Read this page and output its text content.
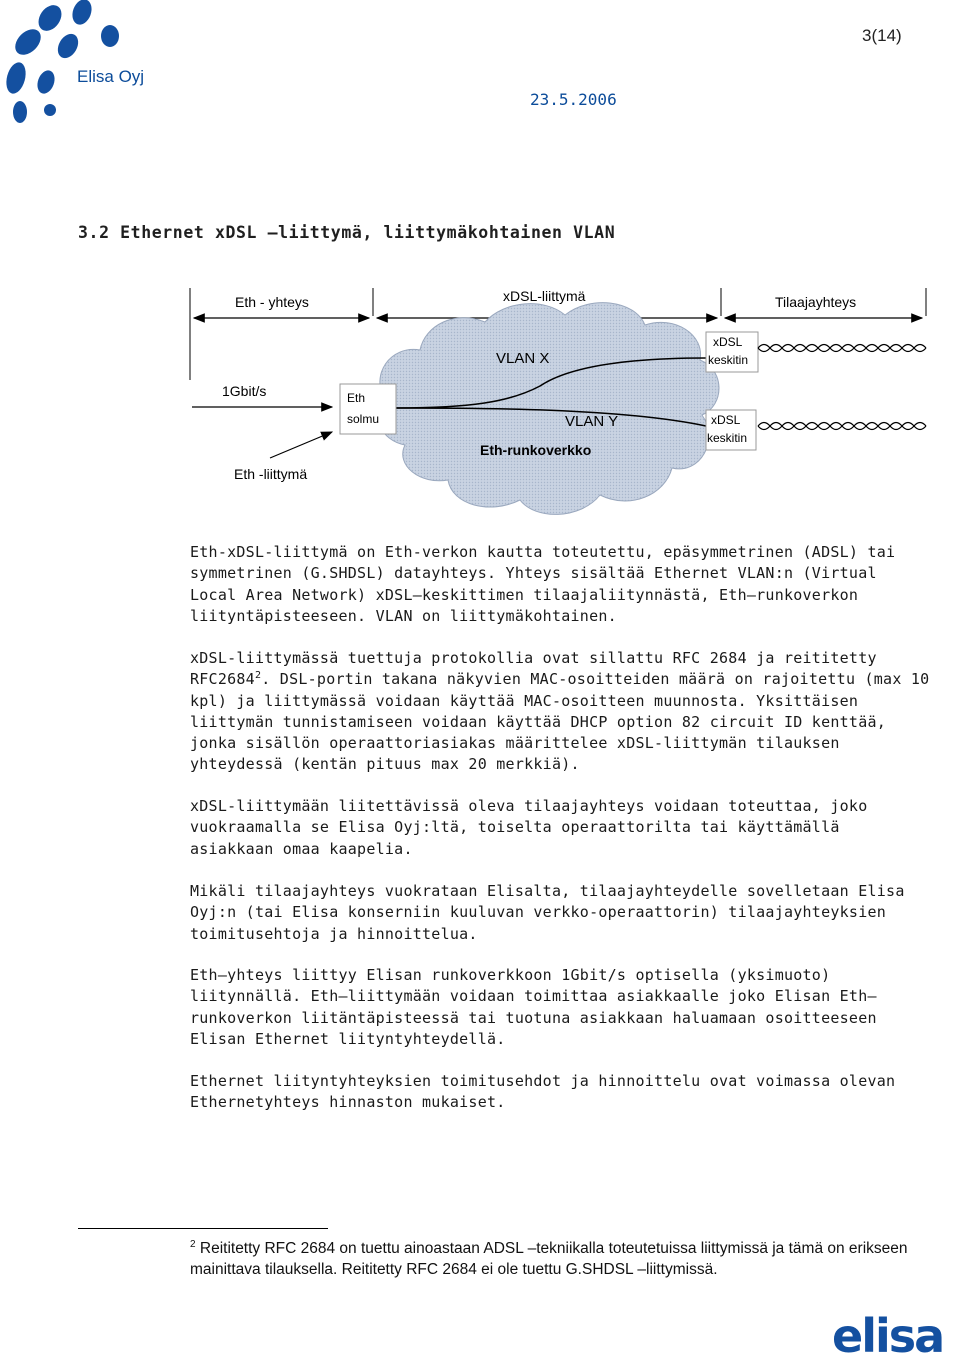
Elisa Oyj
3(14)
23.5.2006
3.2 Ethernet xDSL –liittymä, liittymäkohtainen VLAN
Eth - yhteys	xDSL-liittymä	Tilaajayhteys
1Gbit/s
Eth -liittymä
VLAN X
VLAN Y
Eth-runkoverkko
Eth
solmu
xDSL
keskitin
xDSL
keskitin

Eth-xDSL-liittymä on Eth-verkon kautta toteutettu, epäsymmetrinen (ADSL) tai symmetrinen (G.SHDSL) datayhteys. Yhteys sisältää Ethernet VLAN:n (Virtual Local Area Network) xDSL–keskittimen tilaajaliitynnästä, Eth–runkoverkon liityntäpisteeseen. VLAN on liittymäkohtainen.

xDSL-liittymässä tuettuja protokollia ovat sillattu RFC 2684 ja reititetty RFC2684$^2$. DSL-portin takana näkyvien MAC-osoitteiden määrä on rajoitettu (max 10 kpl) ja liittymässä voidaan käyttää MAC-osoitteen muunnosta. Yksittäisen liittymän tunnistamiseen voidaan käyttää DHCP option 82 circuit ID kenttää, jonka sisällön operaattoriasiakas määrittelee xDSL-liittymän tilauksen yhteydessä (kentän pituus max 20 merkkiä).

xDSL-liittymään liitettävissä oleva tilaajayhteys voidaan toteuttaa, joko vuokraamalla se Elisa Oyj:ltä, toiselta operaattorilta tai käyttämällä asiakkaan omaa kaapelia.

Mikäli tilaajayhteys vuokrataan Elisalta, tilaajayhteydelle sovelletaan Elisa Oyj:n (tai Elisa konserniin kuuluvan verkko-operaattorin) tilaajayhteyksien toimitusehtoja ja hinnoittelua.

Eth–yhteys liittyy Elisan runkoverkkoon 1Gbit/s optisella (yksimuoto) liitynnällä. Eth–liittymään voidaan toimittaa asiakkaalle joko Elisan Eth–runkoverkon liitäntäpisteessä tai tuotuna asiakkaan haluamaan osoitteeseen Elisan Ethernet liityntyhteydellä.

Ethernet liityntyhteyksien toimitusehdot ja hinnoittelu ovat voimassa olevan Ethernetyhteys hinnaston mukaiset.

$^2$ Reititetty RFC 2684 on tuettu ainoastaan ADSL –tekniikalla toteutetuissa liittymissä ja tämä on erikseen mainittava tilauksella. Reititetty RFC 2684 ei ole tuettu G.SHDSL –liittymissä.
elisa
